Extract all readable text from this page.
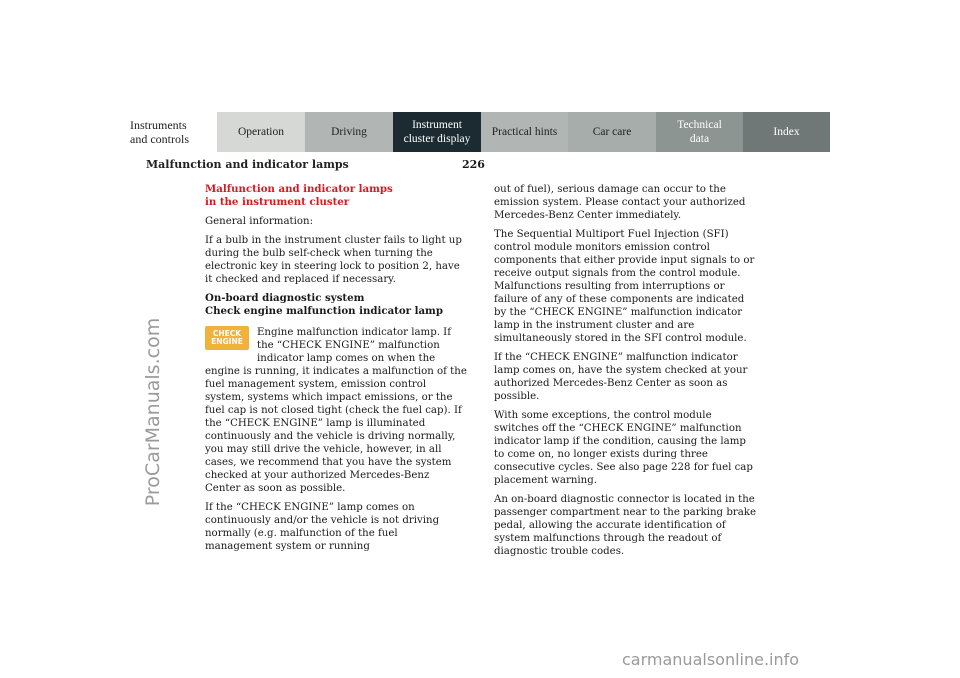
Instruments
and controls	Operation	Driving
Instrument
cluster display
Practical hints	Car care
Technical
data
Index
Malfunction and indicator lamps	226
ProCarManuals.com
carmanualsonline.info

Malfunction and indicator lamps
in the instrument cluster

General information:

If a bulb in the instrument cluster fails to light up during the bulb self-check when turning the electronic key in steering lock to position 2, have it checked and replaced if necessary.

On-board diagnostic system
Check engine malfunction indicator lamp

CHECK
ENGINE

Engine malfunction indicator lamp. If the “CHECK ENGINE” malfunction indicator lamp comes on when the engine is running, it indicates a malfunction of the fuel management system, emission control system, systems which impact emissions, or the fuel cap is not closed tight (check the fuel cap). If the “CHECK ENGINE” lamp is illuminated continuously and the vehicle is driving normally, you may still drive the vehicle, however, in all cases, we recommend that you have the system checked at your authorized Mercedes-Benz Center as soon as possible.

If the “CHECK ENGINE” lamp comes on continuously and/or the vehicle is not driving normally (e.g. malfunction of the fuel management system or running

out of fuel), serious damage can occur to the emission system. Please contact your authorized Mercedes-Benz Center immediately.

The Sequential Multiport Fuel Injection (SFI) control module monitors emission control components that either provide input signals to or receive output signals from the control module. Malfunctions resulting from interruptions or failure of any of these components are indicated by the “CHECK ENGINE” malfunction indicator lamp in the instrument cluster and are simultaneously stored in the SFI control module.

If the “CHECK ENGINE” malfunction indicator lamp comes on, have the system checked at your authorized Mercedes-Benz Center as soon as possible.

With some exceptions, the control module switches off the “CHECK ENGINE” malfunction indicator lamp if the condition, causing the lamp to come on, no longer exists during three consecutive cycles. See also page 228 for fuel cap placement warning.

An on-board diagnostic connector is located in the passenger compartment near to the parking brake pedal, allowing the accurate identification of system malfunctions through the readout of diagnostic trouble codes.
